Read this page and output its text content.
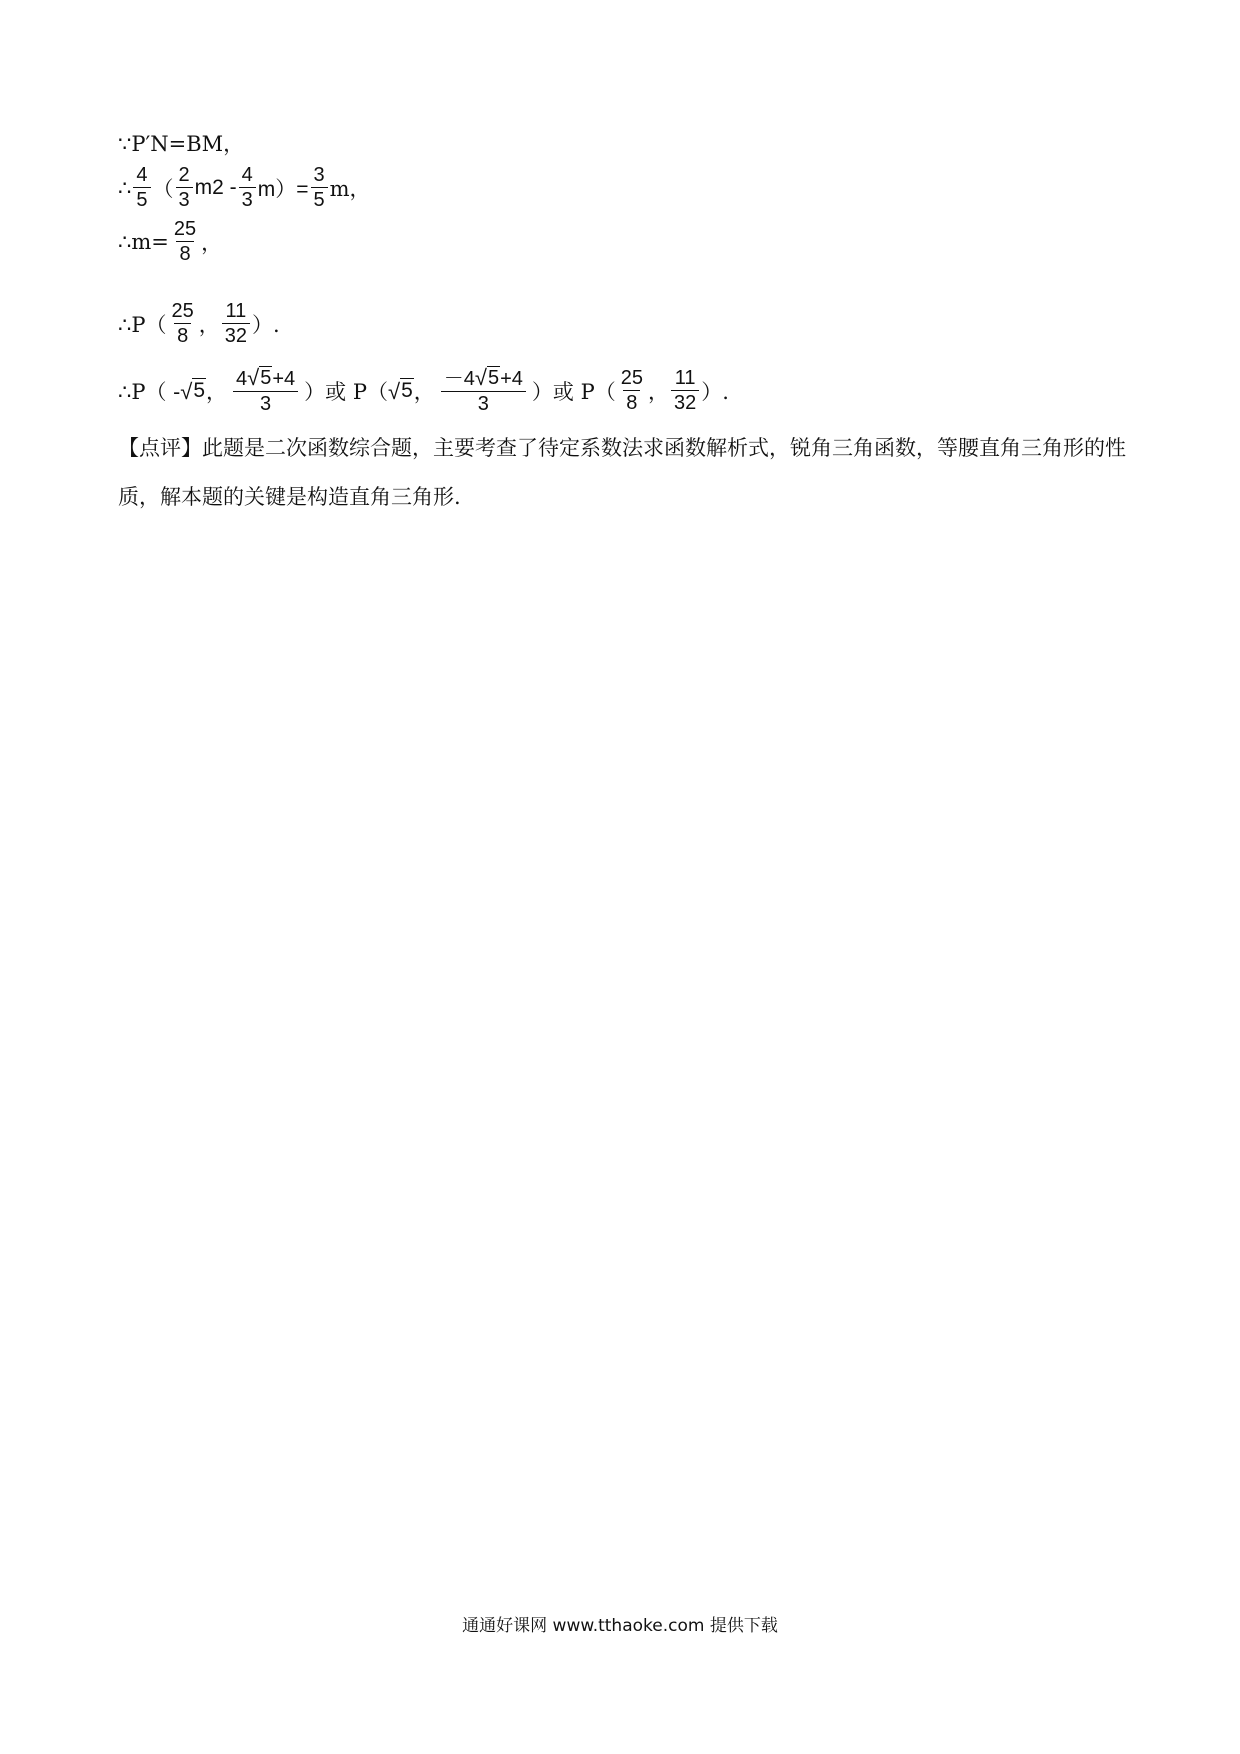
∵P′N=BM，
∴ $\frac{4}{5}$ （ $\frac{2}{3} m2 - \frac{4}{3} m)= \frac{3}{5}$ m，
∴m= $\frac{25}{8}$ ，
∴P（ $\frac{25}{8}$ ， $\frac{11}{32}$ ）.
∴P（ - √ 5 ， $\frac{4 √ 5 +4}{3}$ ）或 P（ √ 5 ， $\frac{-4 √ 5 +4}{3}$ ）或 $P( \frac{25}{8}$ ， $\frac{11}{32}$ ）.
【点评】此题是二次函数综合题，主要考查了待定系数法求函数解析式，锐角三角函数，等腰直角三角形的性质，解本题的关键是构造直角三角形.
通通好课网 www.tthaoke.com 提供下载
